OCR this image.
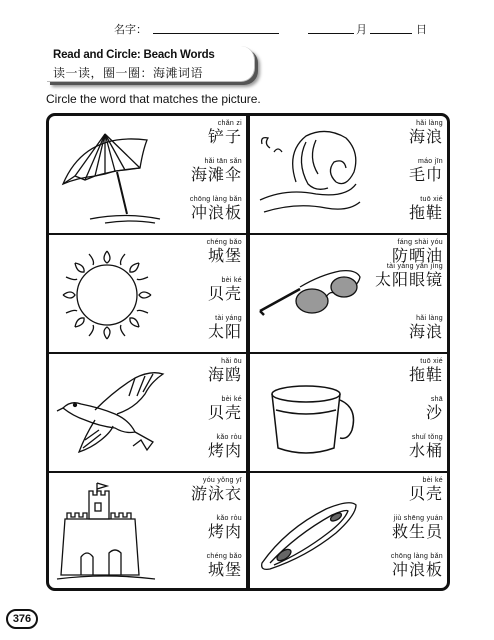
名字：	月	日
Read and Circle: Beach Words
读一读，圈一圈：海滩词语
Circle the word that matches the picture.
chǎn zi
铲子
hǎi tān sǎn
海滩伞
chōng làng bǎn
冲浪板
hǎi làng
海浪
máo jīn
毛巾
tuō xié
拖鞋
chéng bǎo
城堡
bèi ké
贝壳
tài yáng
太阳
fáng shài yóu
防晒油
tài yáng yǎn jìng
太阳眼镜
hǎi làng
海浪
hǎi ōu
海鸥
bèi ké
贝壳
kǎo ròu
烤肉
tuō xié
拖鞋
shā
沙
shuǐ tǒng
水桶
yóu yǒng yī
游泳衣
kǎo ròu
烤肉
chéng bǎo
城堡
bèi ké
贝壳
jiù shēng yuán
救生员
chōng làng bǎn
冲浪板
376
